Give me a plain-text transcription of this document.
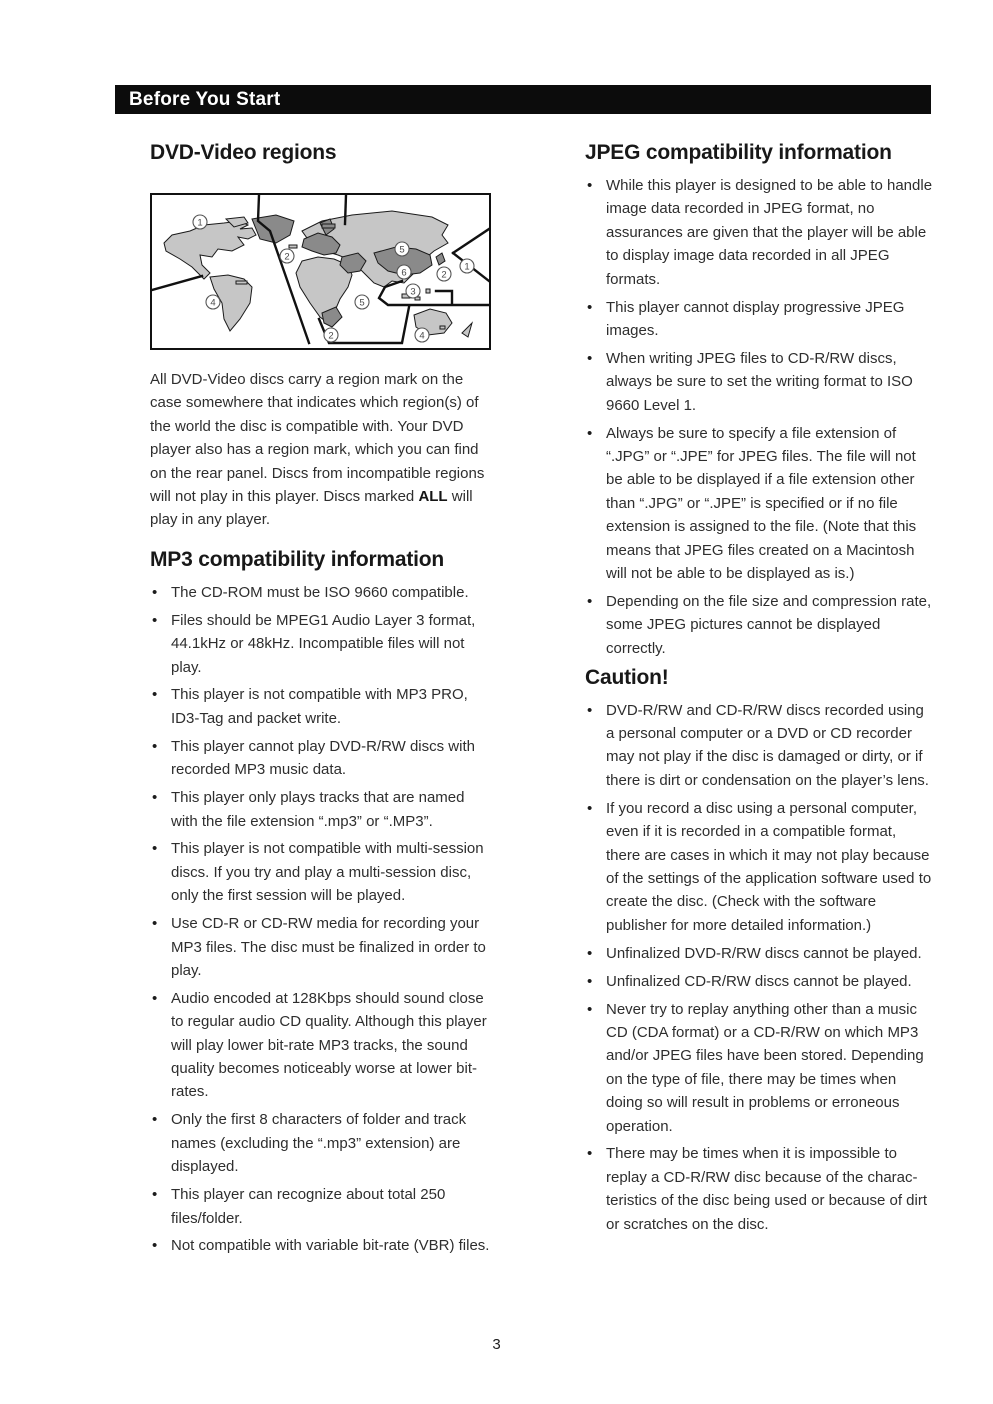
Before You Start
DVD-Video regions
1
2
5
6	2
1
3
5
4
2	4

All DVD-Video discs carry a region mark on the case somewhere that indicates which region(s) of the world the disc is compatible with. Your DVD player also has a region mark, which you can find on the rear panel. Discs from incompatible regions will not play in this player. Discs marked ALL will play in any player.

MP3 compatibility information
• The CD-ROM must be ISO 9660 compatible.
• Files should be MPEG1 Audio Layer 3 format, 44.1kHz or 48kHz. Incompatible files will not play.
• This player is not compatible with MP3 PRO, ID3-Tag and packet write.
• This player cannot play DVD-R/RW discs with recorded MP3 music data.
• This player only plays tracks that are named with the file extension “.mp3” or “.MP3”.
• This player is not compatible with multi-session discs. If you try and play a multi-session disc, only the first session will be played.
• Use CD-R or CD-RW media for recording your MP3 files. The disc must be finalized in order to play.
• Audio encoded at 128Kbps should sound close to regular audio CD quality. Although this player will play lower bit-rate MP3 tracks, the sound quality becomes noticeably worse at lower bit-rates.
• Only the first 8 characters of folder and track names (excluding the “.mp3” extension) are displayed.
• This player can recognize about total 250 files/folder.
• Not compatible with variable bit-rate (VBR) files.
JPEG compatibility information
• While this player is designed to be able to handle image data recorded in JPEG format, no assurances are given that the player will be able to display image data recorded in all JPEG formats.
• This player cannot display progressive JPEG images.
• When writing JPEG files to CD-R/RW discs, always be sure to set the writing format to ISO 9660 Level 1.
• Always be sure to specify a file extension of “.JPG” or “.JPE” for JPEG files. The file will not be able to be displayed if a file extension other than “.JPG” or “.JPE” is specified or if no file extension is assigned to the file. (Note that this means that JPEG files created on a Macintosh will not be able to be displayed as is.)
• Depending on the file size and compression rate, some JPEG pictures cannot be displayed correctly.
Caution!
• DVD-R/RW and CD-R/RW discs recorded using a personal computer or a DVD or CD recorder may not play if the disc is damaged or dirty, or if there is dirt or condensation on the player’s lens.
• If you record a disc using a personal computer, even if it is recorded in a compatible format, there are cases in which it may not play because of the settings of the application software used to create the disc. (Check with the software publisher for more detailed information.)
• Unfinalized DVD-R/RW discs cannot be played.
• Unfinalized CD-R/RW discs cannot be played.
• Never try to replay anything other than a music CD (CDA format) or a CD-R/RW on which MP3 and/or JPEG files have been stored. Depending on the type of file, there may be times when doing so will result in problems or erroneous operation.
• There may be times when it is impossible to replay a CD-R/RW disc because of the charac-teristics of the disc being used or because of dirt or scratches on the disc.
3
